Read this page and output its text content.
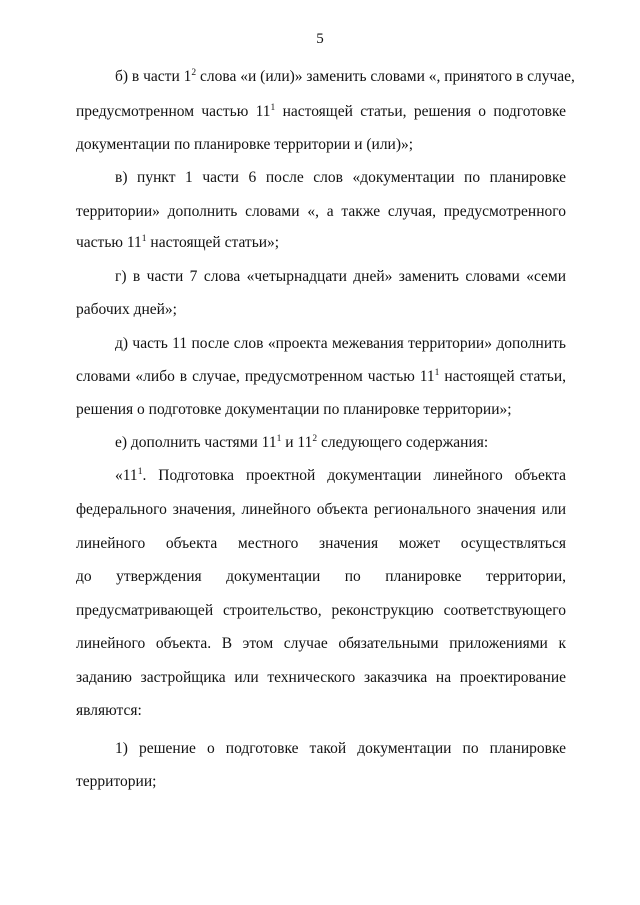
5
б) в части $1^2$ слова «и (или)» заменить словами «, принятого в случае,
предусмотренном частью $11^1$ настоящей статьи, решения о подготовке
документации по планировке территории и (или)»;
в) пункт 1 части 6 после слов «документации по планировке
территории» дополнить словами «, а также случая, предусмотренного
частью $11^1$ настоящей статьи»;
г) в части 7 слова «четырнадцати дней» заменить словами «семи
рабочих дней»;
д) часть 11 после слов «проекта межевания территории» дополнить
словами «либо в случае, предусмотренном частью $11^1$ настоящей статьи,
решения о подготовке документации по планировке территории»;
е) дополнить частями $11^1$ и $11^2$ следующего содержания:
«$11^1$. Подготовка проектной документации линейного объекта
федерального значения, линейного объекта регионального значения или
линейного объекта местного значения может осуществляться
до утверждения документации по планировке территории,
предусматривающей строительство, реконструкцию соответствующего
линейного объекта. В этом случае обязательными приложениями к
заданию застройщика или технического заказчика на проектирование
являются:
1) решение о подготовке такой документации по планировке
территории;
